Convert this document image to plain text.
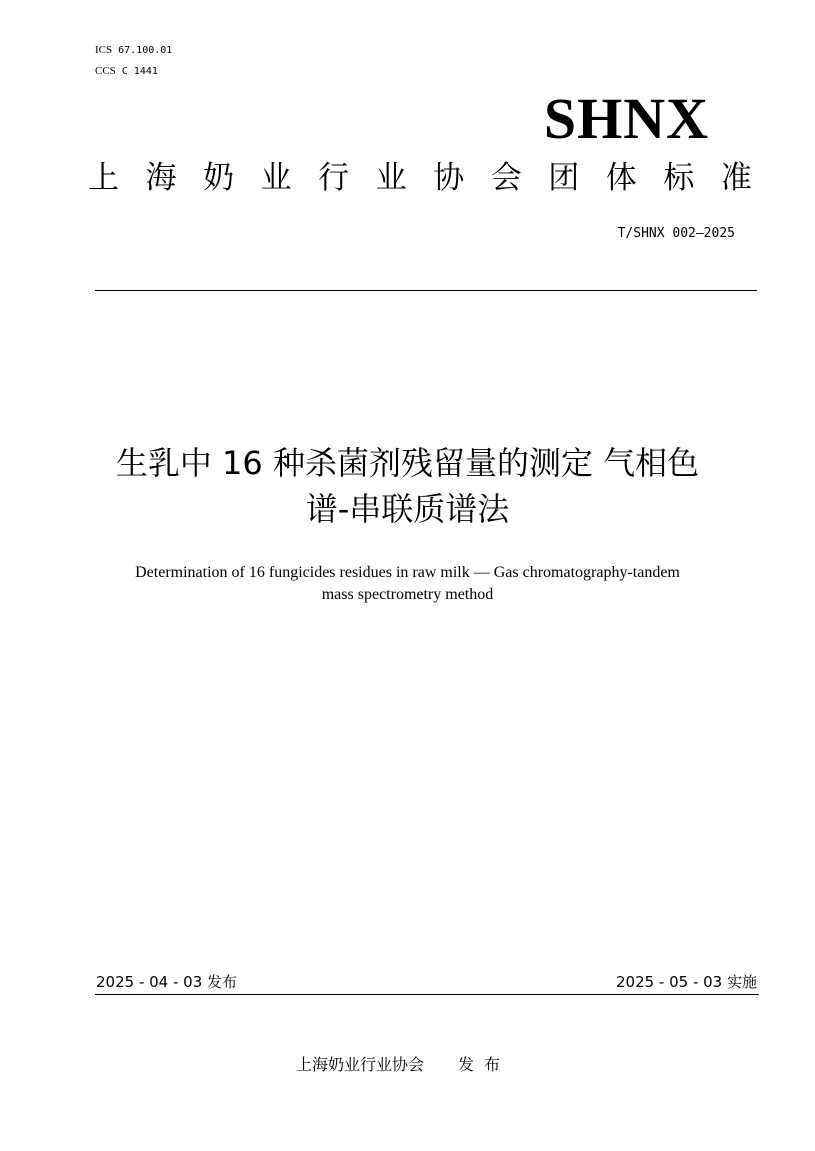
ICS 67.100.01
CCS C 1441
SHNX
上 海 奶 业 行 业 协 会 团 体 标 准
T/SHNX 002—2025
生乳中 16 种杀菌剂残留量的测定 气相色
谱-串联质谱法
Determination of 16 fungicides residues in raw milk — Gas chromatography-tandem
mass spectrometry method
2025 - 04 - 03 发布	2025 - 05 - 03 实施
上海奶业行业协会 发布
